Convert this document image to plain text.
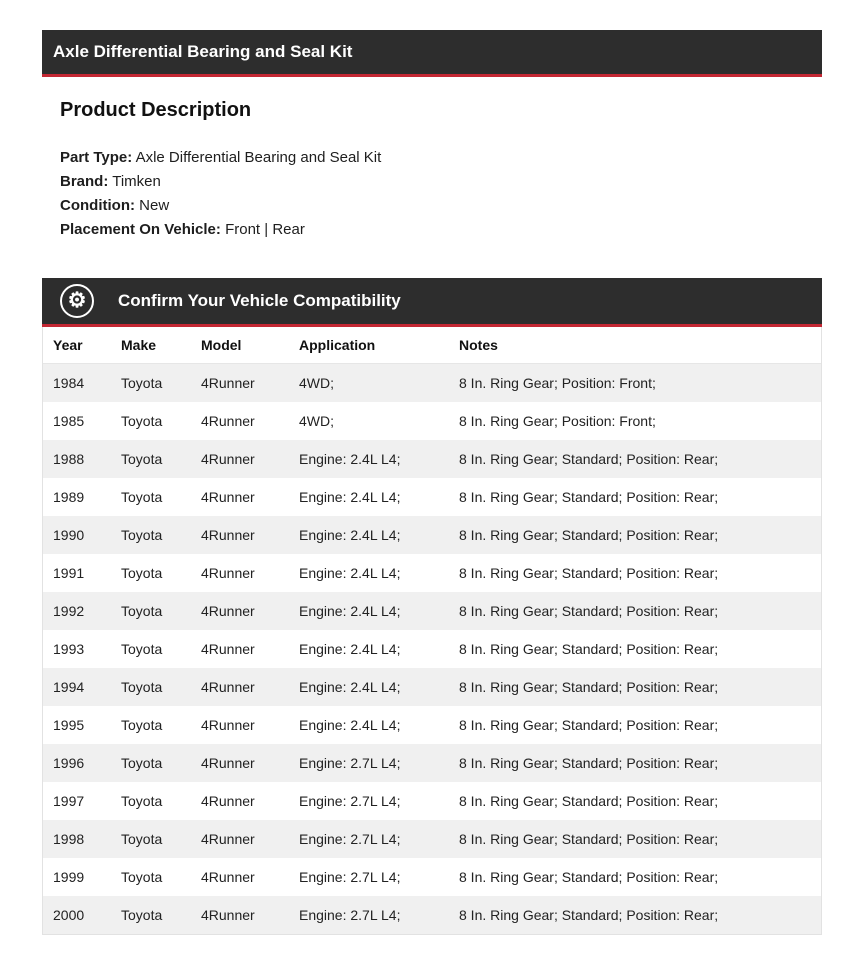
Axle Differential Bearing and Seal Kit
Product Description
Part Type: Axle Differential Bearing and Seal Kit
Brand: Timken
Condition: New
Placement On Vehicle: Front | Rear
⚙ Confirm Your Vehicle Compatibility
Year	Make	Model	Application	Notes
1984	Toyota	4Runner	4WD;	8 In. Ring Gear; Position: Front;
1985	Toyota	4Runner	4WD;	8 In. Ring Gear; Position: Front;
1988	Toyota	4Runner	Engine: 2.4L L4;	8 In. Ring Gear; Standard; Position: Rear;
1989	Toyota	4Runner	Engine: 2.4L L4;	8 In. Ring Gear; Standard; Position: Rear;
1990	Toyota	4Runner	Engine: 2.4L L4;	8 In. Ring Gear; Standard; Position: Rear;
1991	Toyota	4Runner	Engine: 2.4L L4;	8 In. Ring Gear; Standard; Position: Rear;
1992	Toyota	4Runner	Engine: 2.4L L4;	8 In. Ring Gear; Standard; Position: Rear;
1993	Toyota	4Runner	Engine: 2.4L L4;	8 In. Ring Gear; Standard; Position: Rear;
1994	Toyota	4Runner	Engine: 2.4L L4;	8 In. Ring Gear; Standard; Position: Rear;
1995	Toyota	4Runner	Engine: 2.4L L4;	8 In. Ring Gear; Standard; Position: Rear;
1996	Toyota	4Runner	Engine: 2.7L L4;	8 In. Ring Gear; Standard; Position: Rear;
1997	Toyota	4Runner	Engine: 2.7L L4;	8 In. Ring Gear; Standard; Position: Rear;
1998	Toyota	4Runner	Engine: 2.7L L4;	8 In. Ring Gear; Standard; Position: Rear;
1999	Toyota	4Runner	Engine: 2.7L L4;	8 In. Ring Gear; Standard; Position: Rear;
2000	Toyota	4Runner	Engine: 2.7L L4;	8 In. Ring Gear; Standard; Position: Rear;
